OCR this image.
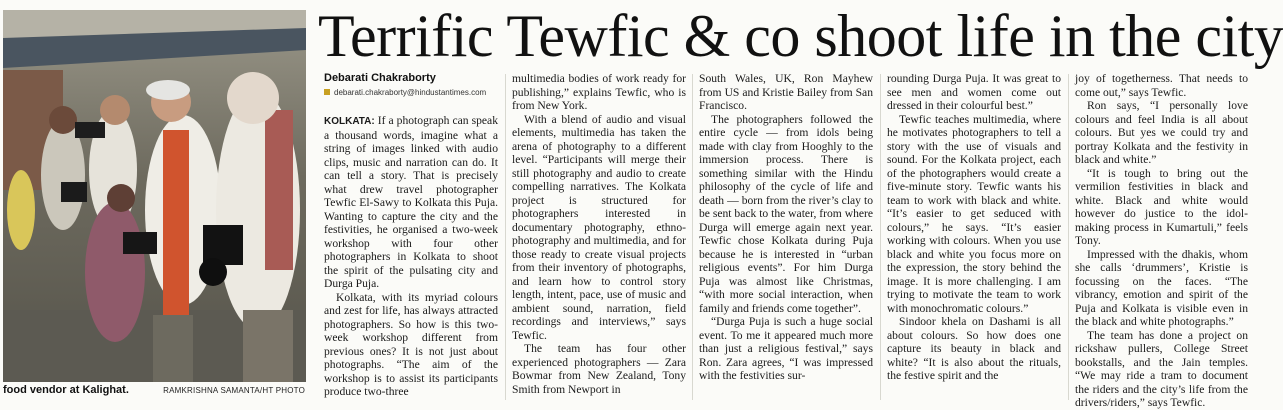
food vendor at Kalighat.	RAMKRISHNA SAMANTA/HT PHOTO
Terrific Tewfic & co shoot life in the city
Debarati Chakraborty
debarati.chakraborty@hindustantimes.com

KOLKATA: If a photograph can speak a thousand words, imagine what a string of images linked with audio clips, music and narration can do. It can tell a story. That is precisely what drew travel photographer Tewfic El-Sawy to Kolkata this Puja. Wanting to capture the city and the festivities, he organised a two-week workshop with four other photographers in Kolkata to shoot the spirit of the pulsating city and Durga Puja.

Kolkata, with its myriad colours and zest for life, has always attracted photographers. So how is this two-week workshop different from previous ones? It is not just about photographs. “The aim of the workshop is to assist its participants produce two-three

multimedia bodies of work ready for publishing,” explains Tewfic, who is from New York.

With a blend of audio and visual elements, multimedia has taken the arena of photography to a different level. “Participants will merge their still photography and audio to create compelling narratives. The Kolkata project is structured for photographers interested in documentary photography, ethno-photography and multimedia, and for those ready to create visual projects from their inventory of photographs, and learn how to control story length, intent, pace, use of music and ambient sound, narration, field recordings and interviews,” says Tewfic.

The team has four other experienced photographers — Zara Bowmar from New Zealand, Tony Smith from Newport in

South Wales, UK, Ron Mayhew from US and Kristie Bailey from San Francisco.

The photographers followed the entire cycle — from idols being made with clay from Hooghly to the immersion process. There is something similar with the Hindu philosophy of the cycle of life and death — born from the river’s clay to be sent back to the water, from where Durga will emerge again next year. Tewfic chose Kolkata during Puja because he is interested in “urban religious events”. For him Durga Puja was almost like Christmas, “with more social interaction, when family and friends come together”.

“Durga Puja is such a huge social event. To me it appeared much more than just a religious festival,” says Ron. Zara agrees, “I was impressed with the festivities sur-

rounding Durga Puja. It was great to see men and women come out dressed in their colourful best.”

Tewfic teaches multimedia, where he motivates photographers to tell a story with the use of visuals and sound. For the Kolkata project, each of the photographers would create a five-minute story. Tewfic wants his team to work with black and white. “It’s easier to get seduced with colours,” he says. “It’s easier working with colours. When you use black and white you focus more on the expression, the story behind the image. It is more challenging. I am trying to motivate the team to work with monochromatic colours.”

Sindoor khela on Dashami is all about colours. So how does one capture its beauty in black and white? “It is also about the rituals, the festive spirit and the

joy of togetherness. That needs to come out,” says Tewfic.

Ron says, “I personally love colours and feel India is all about colours. But yes we could try and portray Kolkata and the festivity in black and white.”

“It is tough to bring out the vermilion festivities in black and white. Black and white would however do justice to the idol-making process in Kumartuli,” feels Tony.

Impressed with the dhakis, whom she calls ‘drummers’, Kristie is focussing on the faces. “The vibrancy, emotion and spirit of the Puja and Kolkata is visible even in the black and white photographs.”

The team has done a project on rickshaw pullers, College Street bookstalls, and the Jain temples. “We may ride a tram to document the riders and the city’s life from the drivers/riders,” says Tewfic.
